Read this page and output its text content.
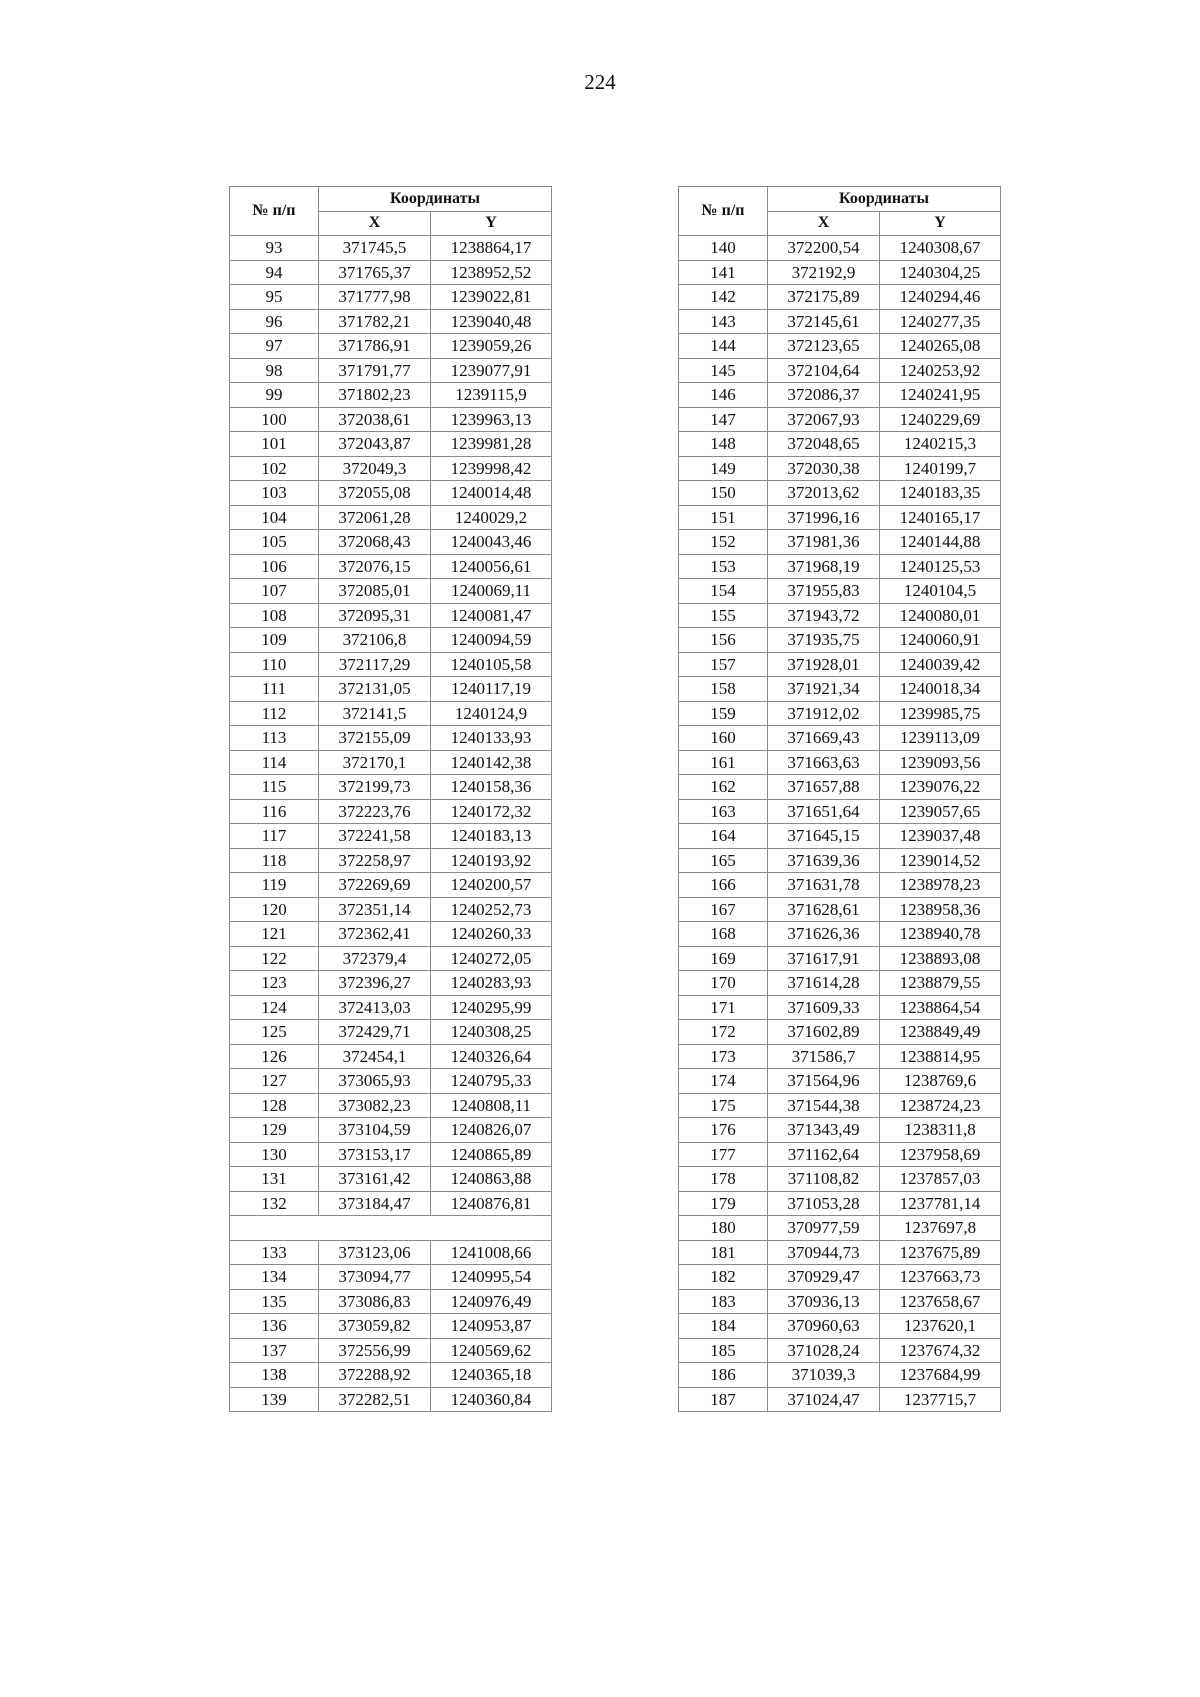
224
№ п/п	Координаты	
	X	Y
93	371745,5	1238864,17
94	371765,37	1238952,52
95	371777,98	1239022,81
96	371782,21	1239040,48
97	371786,91	1239059,26
98	371791,77	1239077,91
99	371802,23	1239115,9
100	372038,61	1239963,13
101	372043,87	1239981,28
102	372049,3	1239998,42
103	372055,08	1240014,48
104	372061,28	1240029,2
105	372068,43	1240043,46
106	372076,15	1240056,61
107	372085,01	1240069,11
108	372095,31	1240081,47
109	372106,8	1240094,59
110	372117,29	1240105,58
111	372131,05	1240117,19
112	372141,5	1240124,9
113	372155,09	1240133,93
114	372170,1	1240142,38
115	372199,73	1240158,36
116	372223,76	1240172,32
117	372241,58	1240183,13
118	372258,97	1240193,92
119	372269,69	1240200,57
120	372351,14	1240252,73
121	372362,41	1240260,33
122	372379,4	1240272,05
123	372396,27	1240283,93
124	372413,03	1240295,99
125	372429,71	1240308,25
126	372454,1	1240326,64
127	373065,93	1240795,33
128	373082,23	1240808,11
129	373104,59	1240826,07
130	373153,17	1240865,89
131	373161,42	1240863,88
132	373184,47	1240876,81

133	373123,06	1241008,66
134	373094,77	1240995,54
135	373086,83	1240976,49
136	373059,82	1240953,87
137	372556,99	1240569,62
138	372288,92	1240365,18
139	372282,51	1240360,84
№ п/п	Координаты	
	X	Y
140	372200,54	1240308,67
141	372192,9	1240304,25
142	372175,89	1240294,46
143	372145,61	1240277,35
144	372123,65	1240265,08
145	372104,64	1240253,92
146	372086,37	1240241,95
147	372067,93	1240229,69
148	372048,65	1240215,3
149	372030,38	1240199,7
150	372013,62	1240183,35
151	371996,16	1240165,17
152	371981,36	1240144,88
153	371968,19	1240125,53
154	371955,83	1240104,5
155	371943,72	1240080,01
156	371935,75	1240060,91
157	371928,01	1240039,42
158	371921,34	1240018,34
159	371912,02	1239985,75
160	371669,43	1239113,09
161	371663,63	1239093,56
162	371657,88	1239076,22
163	371651,64	1239057,65
164	371645,15	1239037,48
165	371639,36	1239014,52
166	371631,78	1238978,23
167	371628,61	1238958,36
168	371626,36	1238940,78
169	371617,91	1238893,08
170	371614,28	1238879,55
171	371609,33	1238864,54
172	371602,89	1238849,49
173	371586,7	1238814,95
174	371564,96	1238769,6
175	371544,38	1238724,23
176	371343,49	1238311,8
177	371162,64	1237958,69
178	371108,82	1237857,03
179	371053,28	1237781,14
180	370977,59	1237697,8
181	370944,73	1237675,89
182	370929,47	1237663,73
183	370936,13	1237658,67
184	370960,63	1237620,1
185	371028,24	1237674,32
186	371039,3	1237684,99
187	371024,47	1237715,7
